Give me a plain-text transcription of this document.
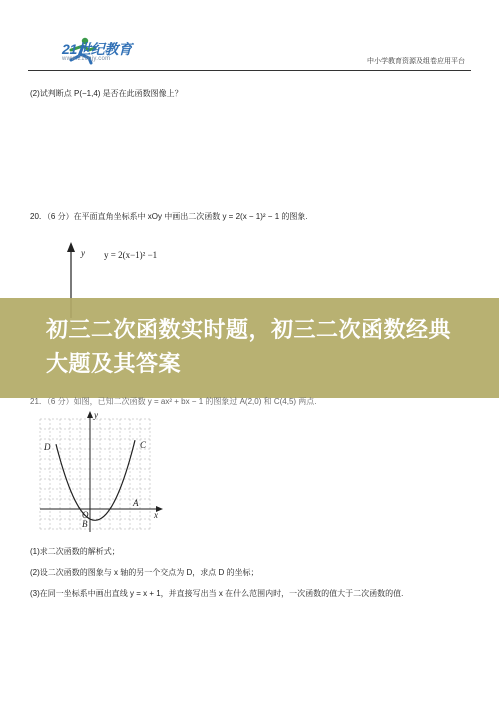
21世纪教育
www.21cnjy.com	中小学教育资源及组卷应用平台
(2)试判断点 P(−1,4) 是否在此函数图像上？
20．（6 分）在平面直角坐标系中 xOy 中画出二次函数 y = 2(x − 1)² − 1 的图象.
y y = 2(x−1)² −1
初三二次函数实时题，初三二次函数经典大题及其答案
21．（6 分）如图，已知二次函数 y = ax² + bx − 1 的图象过 A(2,0) 和 C(4,5) 两点.
D	C
A
O
B
x
y
(1)求二次函数的解析式；
(2)设二次函数的图象与 x 轴的另一个交点为 D，求点 D 的坐标；
(3)在同一坐标系中画出直线 y = x + 1，并直接写出当 x 在什么范围内时，一次函数的值大于二次函数的值.
